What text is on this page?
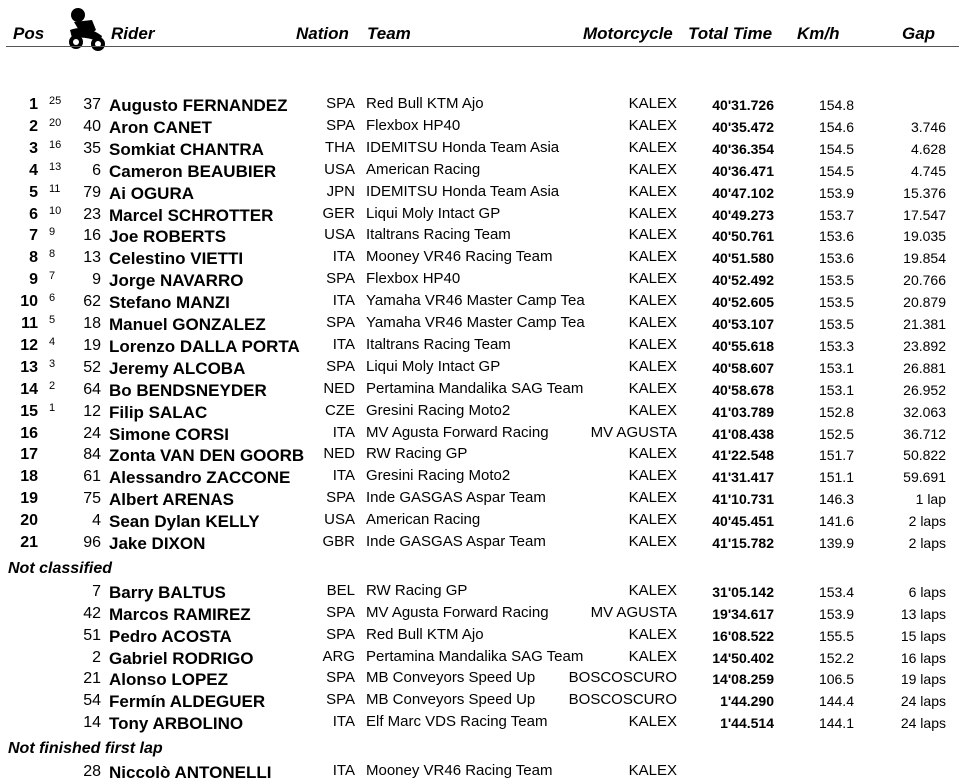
Pos	Rider	Nation Team	Motorcycle Total Time Km/h	Gap
1 25	37 Augusto FERNANDEZ	SPA Red Bull KTM Ajo	KALEX	40'31.726	154.8
2 20	40 Aron CANET	SPA Flexbox HP40	KALEX	40'35.472	154.6	3.746
3 16	35 Somkiat CHANTRA	THA IDEMITSU Honda Team Asia	KALEX	40'36.354	154.5	4.628
4 13	6 Cameron BEAUBIER	USA American Racing	KALEX	40'36.471	154.5	4.745
5 11	79 Ai OGURA	JPN IDEMITSU Honda Team Asia	KALEX	40'47.102	153.9	15.376
6 10	23 Marcel SCHROTTER	GER Liqui Moly Intact GP	KALEX	40'49.273	153.7	17.547
7 9	16 Joe ROBERTS	USA Italtrans Racing Team	KALEX	40'50.761	153.6	19.035
8 8	13 Celestino VIETTI	ITA Mooney VR46 Racing Team	KALEX	40'51.580	153.6	19.854
9 7	9 Jorge NAVARRO	SPA Flexbox HP40	KALEX	40'52.492	153.5	20.766
10 6	62 Stefano MANZI	ITA Yamaha VR46 Master Camp Tea	KALEX	40'52.605	153.5	20.879
11 5	18 Manuel GONZALEZ	SPA Yamaha VR46 Master Camp Tea	KALEX	40'53.107	153.5	21.381
12 4	19 Lorenzo DALLA PORTA	ITA Italtrans Racing Team	KALEX	40'55.618	153.3	23.892
13 3	52 Jeremy ALCOBA	SPA Liqui Moly Intact GP	KALEX	40'58.607	153.1	26.881
14 2	64 Bo BENDSNEYDER	NED Pertamina Mandalika SAG Team	KALEX	40'58.678	153.1	26.952
15 1	12 Filip SALAC	CZE Gresini Racing Moto2	KALEX	41'03.789	152.8	32.063
16	24 Simone CORSI	ITA MV Agusta Forward Racing	MV AGUSTA	41'08.438	152.5	36.712
17	84 Zonta VAN DEN GOORB	NED RW Racing GP	KALEX	41'22.548	151.7	50.822
18	61 Alessandro ZACCONE	ITA Gresini Racing Moto2	KALEX	41'31.417	151.1	59.691
19	75 Albert ARENAS	SPA Inde GASGAS Aspar Team	KALEX	41'10.731	146.3	1 lap
20	4 Sean Dylan KELLY	USA American Racing	KALEX	40'45.451	141.6	2 laps
21	96 Jake DIXON	GBR Inde GASGAS Aspar Team	KALEX	41'15.782	139.9	2 laps
Not classified
7 Barry BALTUS	BEL RW Racing GP	KALEX	31'05.142	153.4	6 laps
42 Marcos RAMIREZ	SPA MV Agusta Forward Racing	MV AGUSTA	19'34.617	153.9	13 laps
51 Pedro ACOSTA	SPA Red Bull KTM Ajo	KALEX	16'08.522	155.5	15 laps
2 Gabriel RODRIGO	ARG Pertamina Mandalika SAG Team	KALEX	14'50.402	152.2	16 laps
21 Alonso LOPEZ	SPA MB Conveyors Speed Up	BOSCOSCURO	14'08.259	106.5	19 laps
54 Fermín ALDEGUER	SPA MB Conveyors Speed Up	BOSCOSCURO	1'44.290	144.4	24 laps
14 Tony ARBOLINO	ITA Elf Marc VDS Racing Team	KALEX	1'44.514	144.1	24 laps
Not finished first lap
28 Niccolò ANTONELLI	ITA Mooney VR46 Racing Team	KALEX
